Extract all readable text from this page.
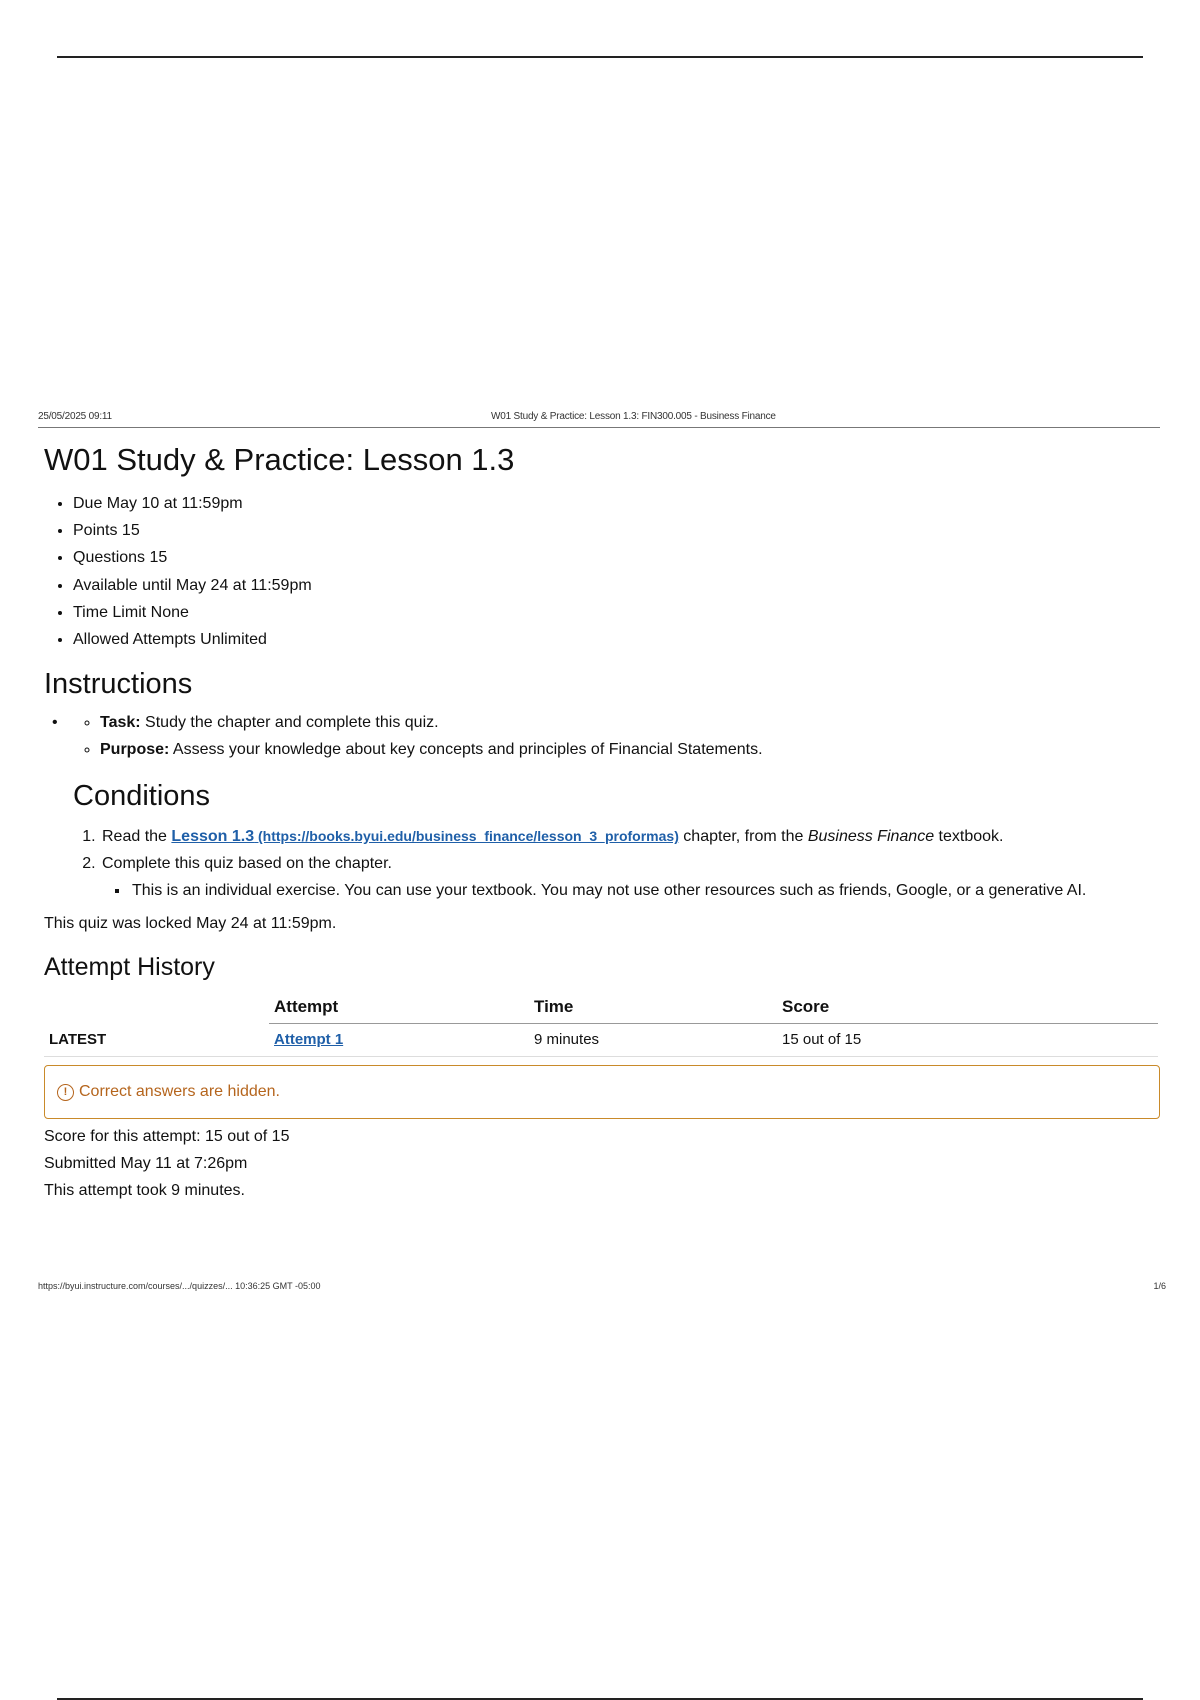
25/05/2025 09:11	W01 Study & Practice: Lesson 1.3: FIN300.005 - Business Finance
W01 Study & Practice: Lesson 1.3
• Due May 10 at 11:59pm
• Points 15
• Questions 15
• Available until May 24 at 11:59pm
• Time Limit None
• Allowed Attempts Unlimited
Instructions
•	◦ Task: Study the chapter and complete this quiz.
◦ Purpose: Assess your knowledge about key concepts and principles of Financial Statements.
Conditions
1. Read the Lesson 1.3 (https://books.byui.edu/business_finance/lesson_3_proformas) chapter, from the Business Finance textbook.
2. Complete this quiz based on the chapter.
▪ This is an individual exercise. You can use your textbook. You may not use other resources such as friends, Google, or a generative AI.

This quiz was locked May 24 at 11:59pm.

Attempt History
	Attempt	Time	Score
LATEST	Attempt 1	9 minutes	15 out of 15
! Correct answers are hidden.
Score for this attempt: 15 out of 15
Submitted May 11 at 7:26pm
This attempt took 9 minutes.
https://byui.instructure.com/courses/.../quizzes/... 10:36:25 GMT -05:00	1/6
